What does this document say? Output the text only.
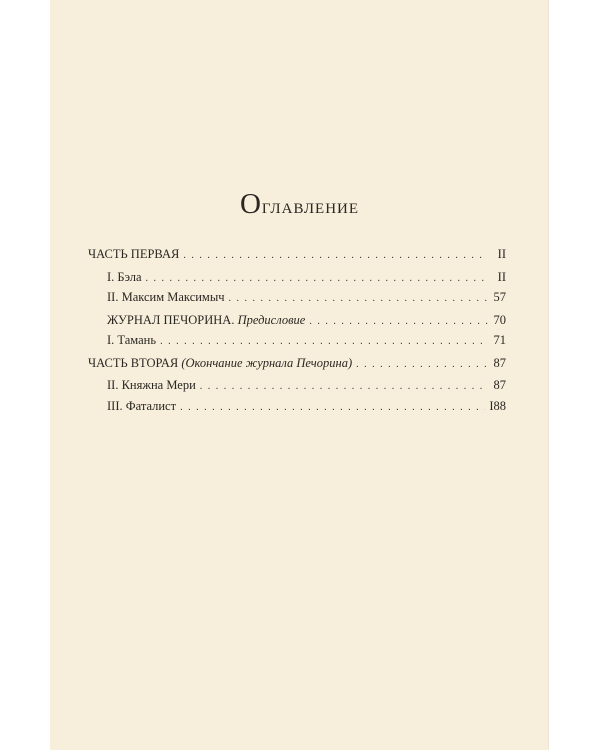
Оглавление
ЧАСТЬ ПЕРВАЯ . . .	II
I. Бэла . . .	II
II. Максим Максимыч . . .	57
ЖУРНАЛ ПЕЧОРИНА. Предисловие . . .	70
I. Тамань . . .	71
ЧАСТЬ ВТОРАЯ (Окончание журнала Печорина) . . .	87
II. Княжна Мери . . .	87
III. Фаталист . . .	I88
